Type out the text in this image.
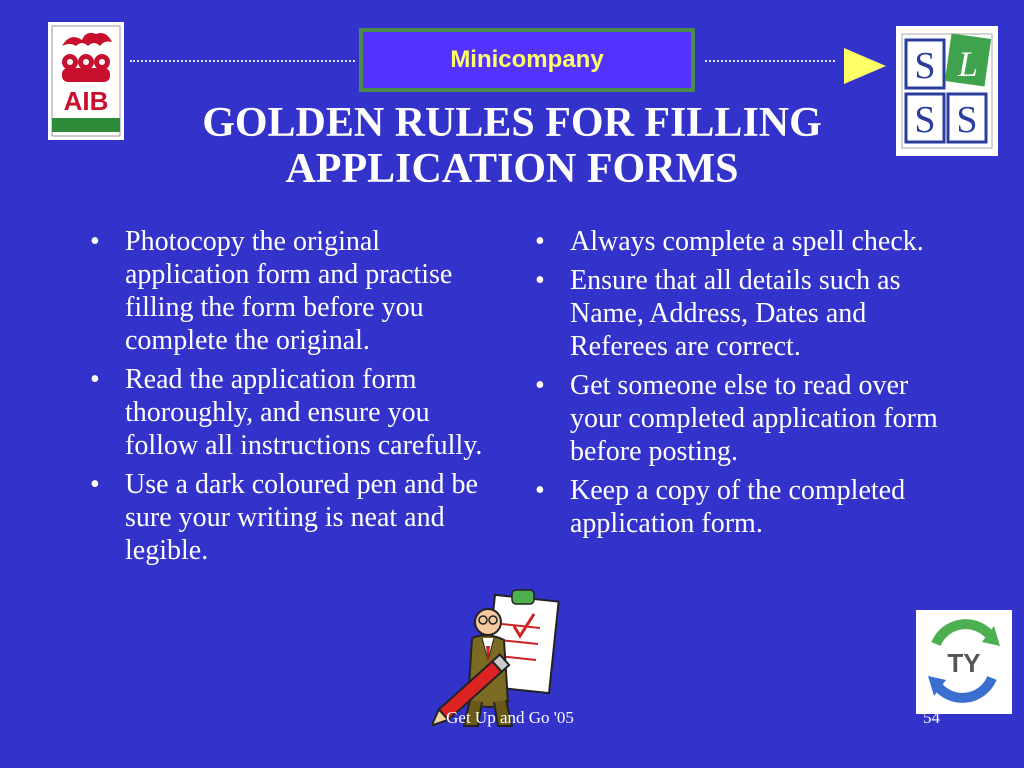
AIB
Minicompany	S L
S S
GOLDEN RULES FOR FILLING
APPLICATION FORMS
• Photocopy the original application form and practise filling the form before you complete the original.
• Read the application form thoroughly, and ensure you follow all instructions carefully.
• Use a dark coloured pen and be sure your writing is neat and legible.
• Always complete a spell check.
• Ensure that all details such as Name, Address, Dates and Referees are correct.
• Get someone else to read over your completed application form before posting.
• Keep a copy of the completed application form.
TY
Get Up and Go '05	54
